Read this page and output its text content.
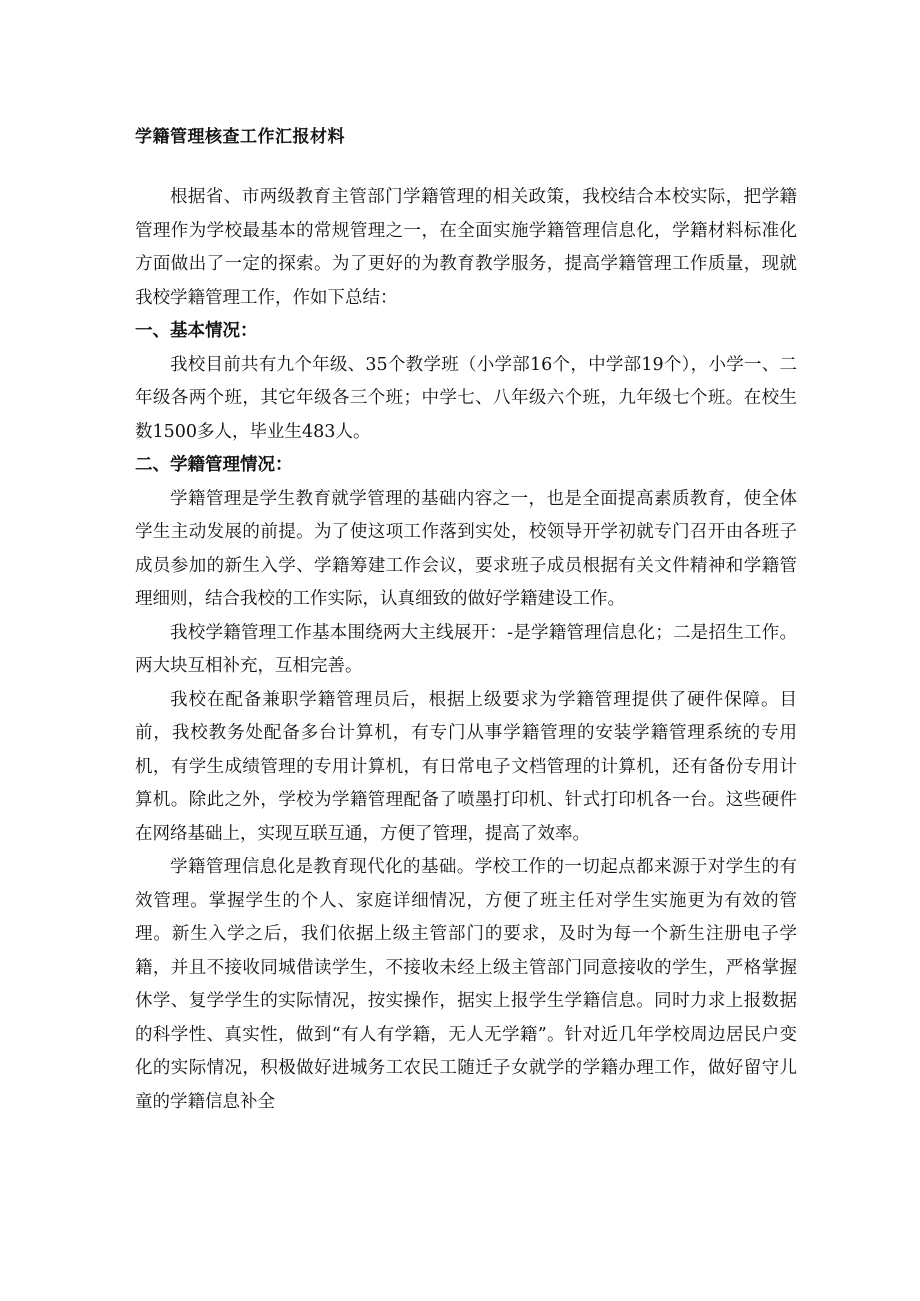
学籍管理核查工作汇报材料

根据省、市两级教育主管部门学籍管理的相关政策，我校结合本校实际，把学籍管理作为学校最基本的常规管理之一，在全面实施学籍管理信息化，学籍材料标准化方面做出了一定的探索。为了更好的为教育教学服务，提高学籍管理工作质量，现就我校学籍管理工作，作如下总结：

一、基本情况：

我校目前共有九个年级、35个教学班（小学部16个，中学部19个），小学一、二年级各两个班，其它年级各三个班；中学七、八年级六个班，九年级七个班。在校生数1500多人，毕业生483人。

二、学籍管理情况：

学籍管理是学生教育就学管理的基础内容之一，也是全面提高素质教育，使全体学生主动发展的前提。为了使这项工作落到实处，校领导开学初就专门召开由各班子成员参加的新生入学、学籍筹建工作会议，要求班子成员根据有关文件精神和学籍管理细则，结合我校的工作实际，认真细致的做好学籍建设工作。

我校学籍管理工作基本围绕两大主线展开：-是学籍管理信息化；二是招生工作。两大块互相补充，互相完善。

我校在配备兼职学籍管理员后，根据上级要求为学籍管理提供了硬件保障。目前，我校教务处配备多台计算机，有专门从事学籍管理的安装学籍管理系统的专用机，有学生成绩管理的专用计算机，有日常电子文档管理的计算机，还有备份专用计算机。除此之外，学校为学籍管理配备了喷墨打印机、针式打印机各一台。这些硬件在网络基础上，实现互联互通，方便了管理，提高了效率。

学籍管理信息化是教育现代化的基础。学校工作的一切起点都来源于对学生的有效管理。掌握学生的个人、家庭详细情况，方便了班主任对学生实施更为有效的管理。新生入学之后，我们依据上级主管部门的要求，及时为每一个新生注册电子学籍，并且不接收同城借读学生，不接收未经上级主管部门同意接收的学生，严格掌握休学、复学学生的实际情况，按实操作，据实上报学生学籍信息。同时力求上报数据的科学性、真实性，做到“有人有学籍，无人无学籍”。针对近几年学校周边居民户变化的实际情况，积极做好进城务工农民工随迁子女就学的学籍办理工作，做好留守儿童的学籍信息补全
